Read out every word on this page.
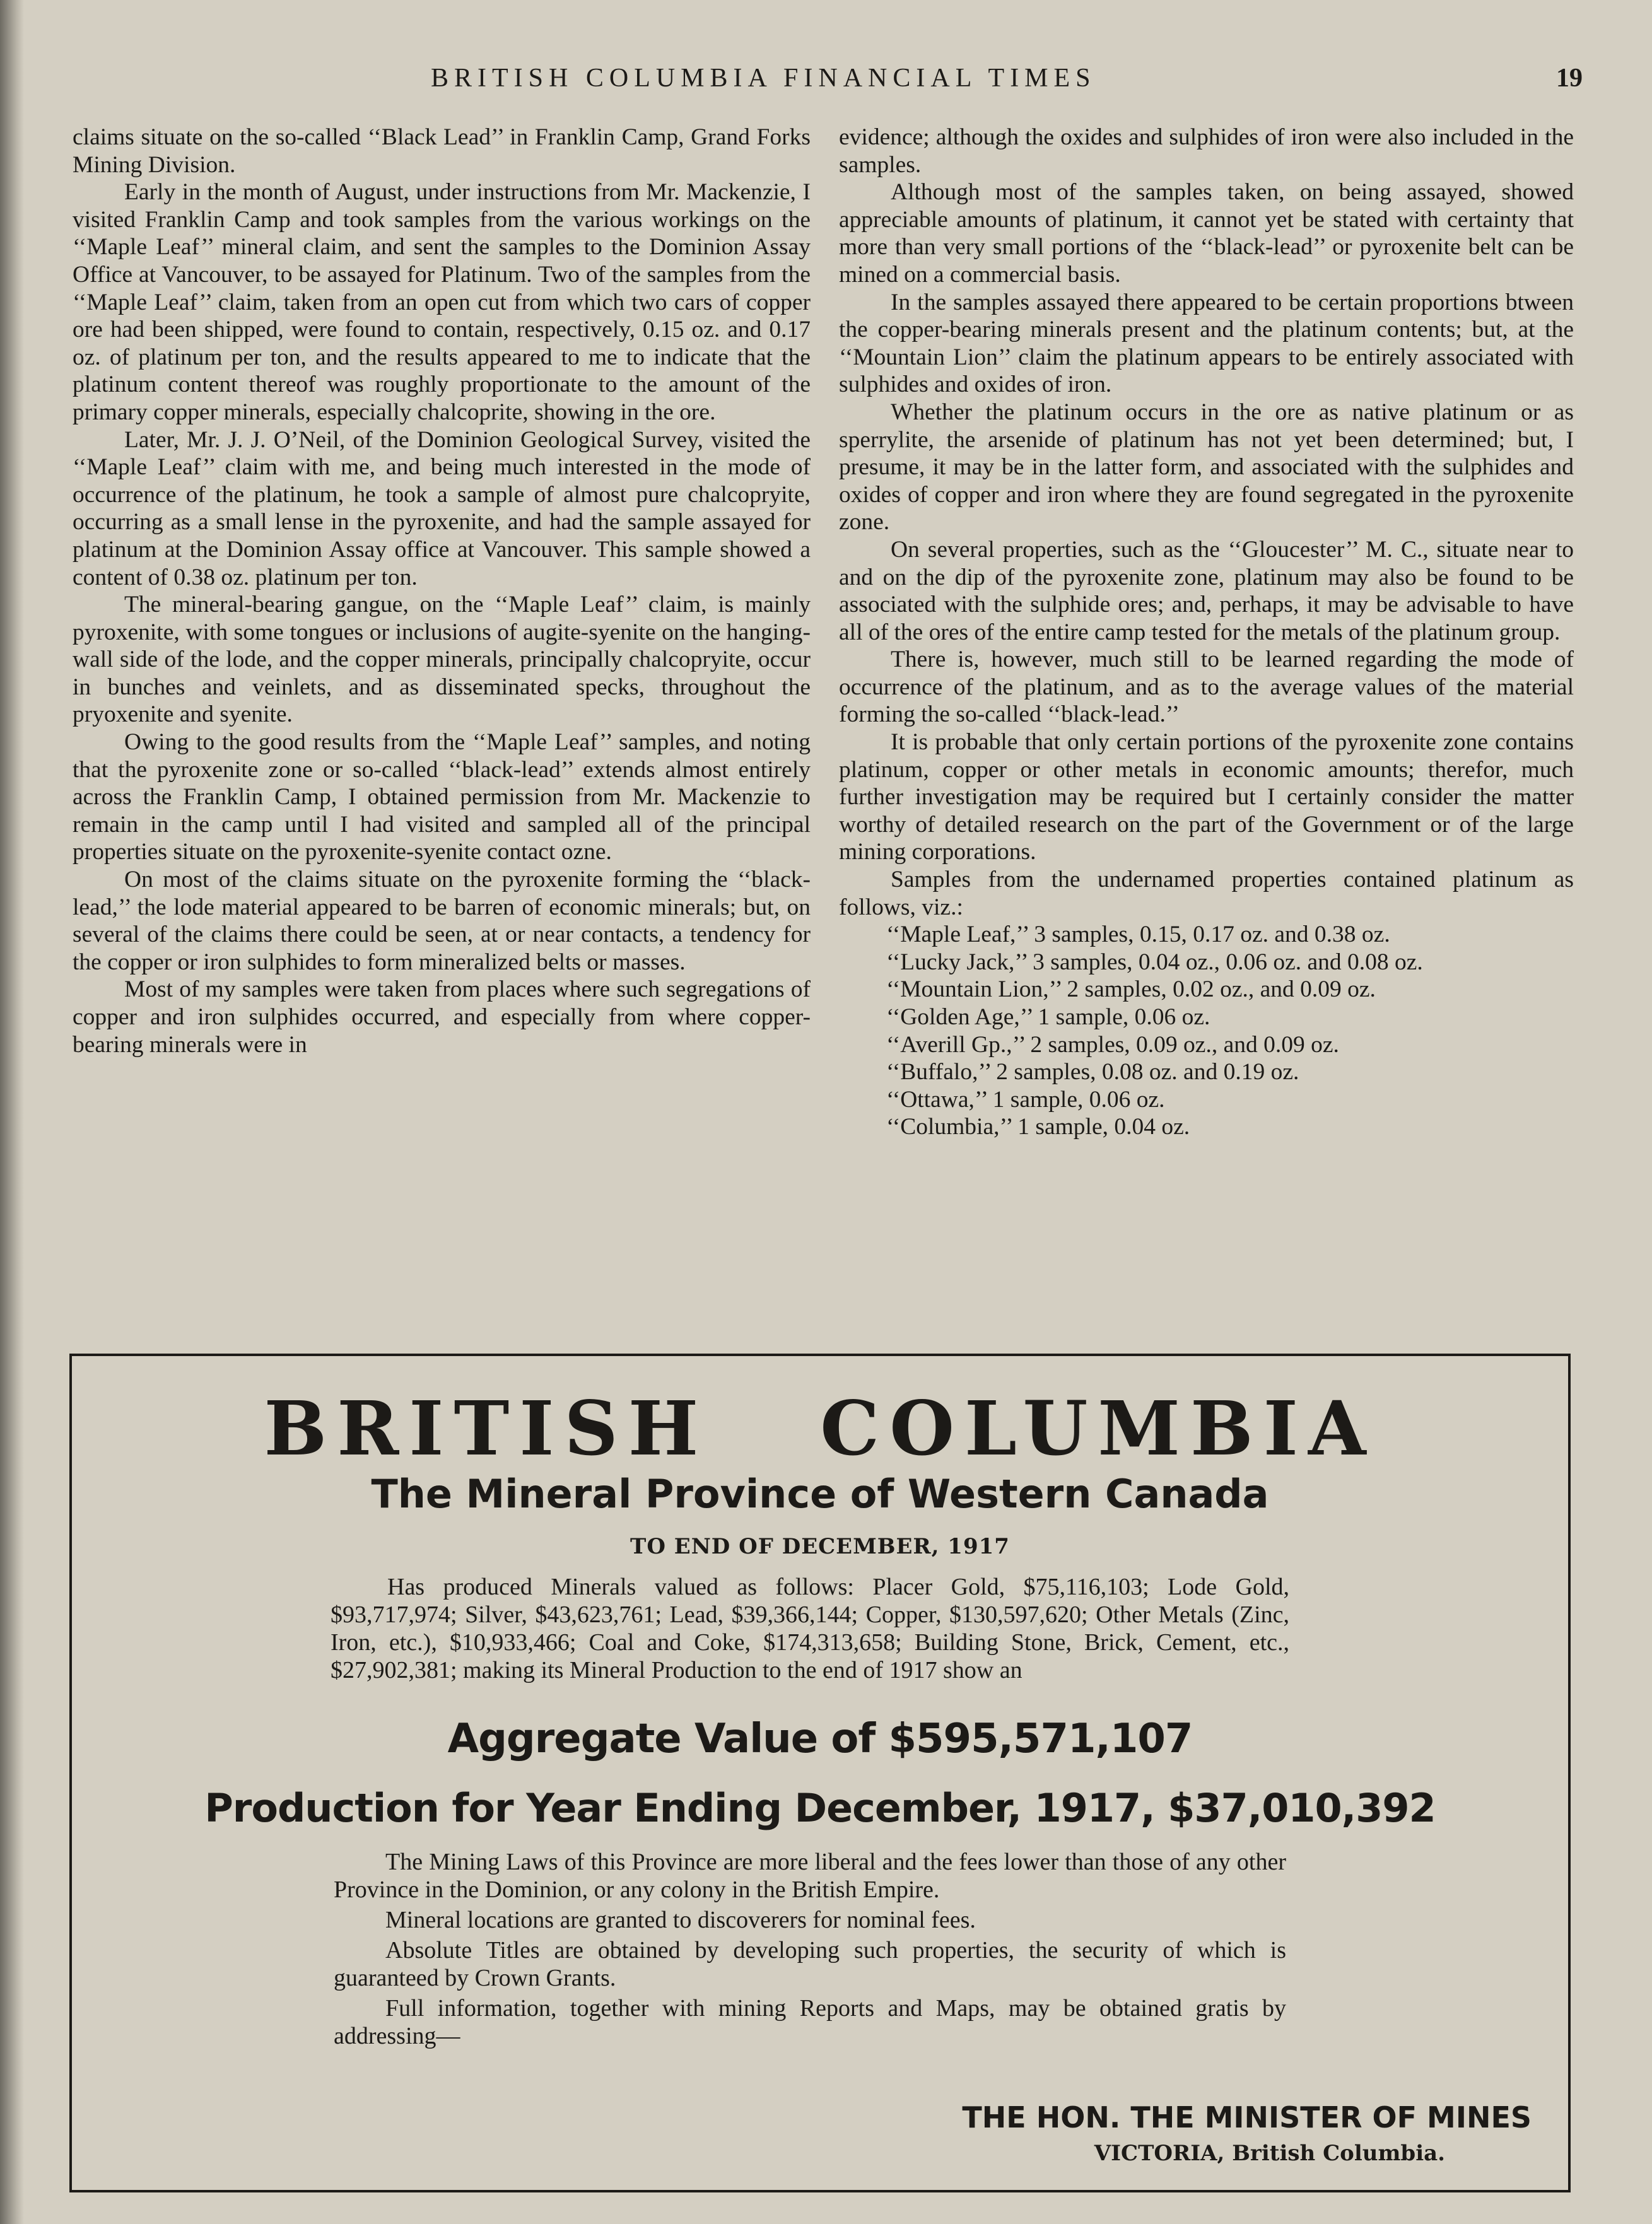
BRITISH COLUMBIA FINANCIAL TIMES	19

claims situate on the so-called ‘‘Black Lead’’ in Franklin Camp, Grand Forks Mining Division.

Early in the month of August, under instructions from Mr. Mackenzie, I visited Franklin Camp and took samples from the various workings on the ‘‘Maple Leaf’’ mineral claim, and sent the samples to the Dominion Assay Office at Vancouver, to be assayed for Platinum. Two of the samples from the ‘‘Maple Leaf’’ claim, taken from an open cut from which two cars of copper ore had been shipped, were found to contain, respectively, 0.15 oz. and 0.17 oz. of platinum per ton, and the results appeared to me to indicate that the platinum content thereof was roughly proportionate to the amount of the primary copper minerals, especially chalcoprite, showing in the ore.

Later, Mr. J. J. O’Neil, of the Dominion Geological Survey, visited the ‘‘Maple Leaf’’ claim with me, and being much interested in the mode of occurrence of the platinum, he took a sample of almost pure chalcopryite, occurring as a small lense in the pyroxenite, and had the sample assayed for platinum at the Dominion Assay office at Vancouver. This sample showed a content of 0.38 oz. platinum per ton.

The mineral-bearing gangue, on the ‘‘Maple Leaf’’ claim, is mainly pyroxenite, with some tongues or inclusions of augite-syenite on the hanging-wall side of the lode, and the copper minerals, principally chalcopryite, occur in bunches and veinlets, and as disseminated specks, throughout the pryoxenite and syenite.

Owing to the good results from the ‘‘Maple Leaf’’ samples, and noting that the pyroxenite zone or so-called ‘‘black-lead’’ extends almost entirely across the Franklin Camp, I obtained permission from Mr. Mackenzie to remain in the camp until I had visited and sampled all of the principal properties situate on the pyroxenite-syenite contact ozne.

On most of the claims situate on the pyroxenite forming the ‘‘black-lead,’’ the lode material appeared to be barren of economic minerals; but, on several of the claims there could be seen, at or near contacts, a tendency for the copper or iron sulphides to form mineralized belts or masses.

Most of my samples were taken from places where such segregations of copper and iron sulphides occurred, and especially from where copper-bearing minerals were in

evidence; although the oxides and sulphides of iron were also included in the samples.

Although most of the samples taken, on being assayed, showed appreciable amounts of platinum, it cannot yet be stated with certainty that more than very small portions of the ‘‘black-lead’’ or pyroxenite belt can be mined on a commercial basis.

In the samples assayed there appeared to be certain proportions btween the copper-bearing minerals present and the platinum contents; but, at the ‘‘Mountain Lion’’ claim the platinum appears to be entirely associated with sulphides and oxides of iron.

Whether the platinum occurs in the ore as native platinum or as sperrylite, the arsenide of platinum has not yet been determined; but, I presume, it may be in the latter form, and associated with the sulphides and oxides of copper and iron where they are found segregated in the pyroxenite zone.

On several properties, such as the ‘‘Gloucester’’ M. C., situate near to and on the dip of the pyroxenite zone, platinum may also be found to be associated with the sulphide ores; and, perhaps, it may be advisable to have all of the ores of the entire camp tested for the metals of the platinum group.

There is, however, much still to be learned regarding the mode of occurrence of the platinum, and as to the average values of the material forming the so-called ‘‘black-lead.’’

It is probable that only certain portions of the pyroxenite zone contains platinum, copper or other metals in economic amounts; therefor, much further investigation may be required but I certainly consider the matter worthy of detailed research on the part of the Government or of the large mining corporations.

Samples from the undernamed properties contained platinum as follows, viz.:

‘‘Maple Leaf,’’ 3 samples, 0.15, 0.17 oz. and 0.38 oz.

‘‘Lucky Jack,’’ 3 samples, 0.04 oz., 0.06 oz. and 0.08 oz.

‘‘Mountain Lion,’’ 2 samples, 0.02 oz., and 0.09 oz.

‘‘Golden Age,’’ 1 sample, 0.06 oz.

‘‘Averill Gp.,’’ 2 samples, 0.09 oz., and 0.09 oz.

‘‘Buffalo,’’ 2 samples, 0.08 oz. and 0.19 oz.

‘‘Ottawa,’’ 1 sample, 0.06 oz.

‘‘Columbia,’’ 1 sample, 0.04 oz.

BRITISH COLUMBIA
The Mineral Province of Western Canada
TO END OF DECEMBER, 1917

Has produced Minerals valued as follows: Placer Gold, $75,116,103; Lode Gold, $93,717,974; Silver, $43,623,761; Lead, $39,366,144; Copper, $130,597,620; Other Metals (Zinc, Iron, etc.), $10,933,466; Coal and Coke, $174,313,658; Building Stone, Brick, Cement, etc., $27,902,381; making its Mineral Production to the end of 1917 show an

Aggregate Value of $595,571,107
Production for Year Ending December, 1917, $37,010,392

The Mining Laws of this Province are more liberal and the fees lower than those of any other Province in the Dominion, or any colony in the British Empire.

Mineral locations are granted to discoverers for nominal fees.

Absolute Titles are obtained by developing such properties, the security of which is guaranteed by Crown Grants.

Full information, together with mining Reports and Maps, may be obtained gratis by addressing—

THE HON. THE MINISTER OF MINES
VICTORIA, British Columbia.
